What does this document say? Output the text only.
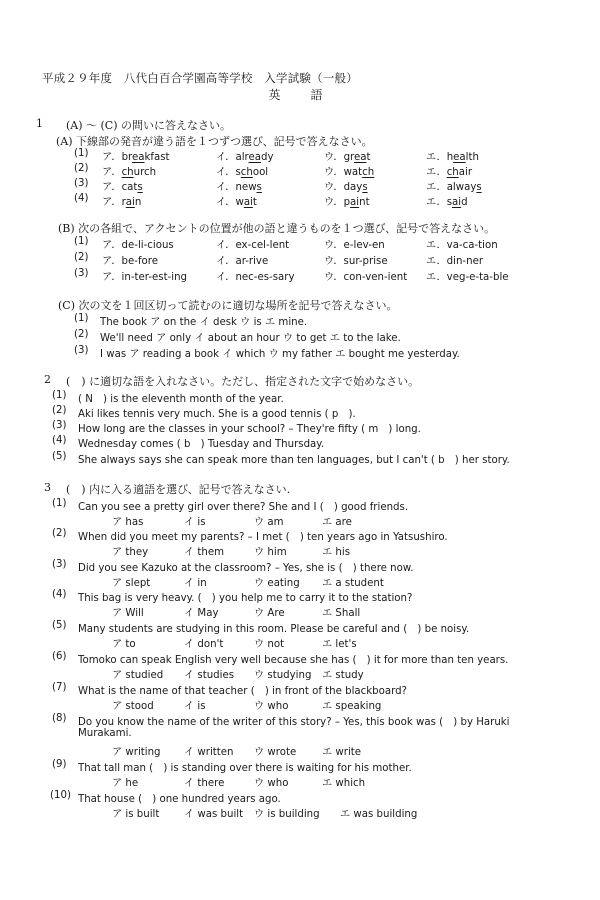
平成２９年度　八代白百合学園高等学校　入学試験（一般）
英　語
1 (A) 〜 (C) の問いに答えなさい。
(A) 下線部の発音が違う語を１つずつ選び、記号で答えなさい。
(1) ア．breakfast	イ．already	ウ．great	エ．health
(2) ア．church	イ．school	ウ．watch	エ．chair
(3) ア．cats	イ．news	ウ．days	エ．always
(4) ア．rain	イ．wait	ウ．paint	エ．said
(B) 次の各組で、アクセントの位置が他の語と違うものを１つ選び、記号で答えなさい。
(1) ア．de-li-cious	イ．ex-cel-lent	ウ．e-lev-en	エ．va-ca-tion
(2) ア．be-fore	イ．ar-rive	ウ．sur-prise	エ．din-ner
(3) ア．in-ter-est-ing	イ．nec-es-sary	ウ．con-ven-ient エ．veg-e-ta-ble
(C) 次の文を１回区切って読むのに適切な場所を記号で答えなさい。
(1) The book ア on the イ desk ウ is エ mine.
(2) We'll need ア only イ about an hour ウ to get エ to the lake.
(3) I was ア reading a book イ which ウ my father エ bought me yesterday.
2 (　) に適切な語を入れなさい。ただし、指定された文字で始めなさい。
(1) ( N　) is the eleventh month of the year.
(2) Aki likes tennis very much. She is a good tennis ( p　).
(3) How long are the classes in your school? – They're fifty ( m　) long.
(4) Wednesday comes ( b　) Tuesday and Thursday.
(5) She always says she can speak more than ten languages, but I can't ( b　) her story.
3 (　) 内に入る適語を選び、記号で答えなさい.
(1) Can you see a pretty girl over there? She and I (　) good friends.
ア has	イ is	ウ am	エ are
(2) When did you meet my parents? – I met (　) ten years ago in Yatsushiro.
ア they	イ them	ウ him	エ his
(3) Did you see Kazuko at the classroom? – Yes, she is (　) there now.
ア slept	イ in	ウ eating エ a student
(4) This bag is very heavy. (　) you help me to carry it to the station?
ア Will	イ May	ウ Are	エ Shall
(5) Many students are studying in this room. Please be careful and (　) be noisy.
ア to	イ don't	ウ not	エ let's
(6) Tomoko can speak English very well because she has (　) it for more than ten years.
ア studied イ studies ウ studying エ study
(7) What is the name of that teacher (　) in front of the blackboard?
ア stood	イ is	ウ who	エ speaking
(8) Do you know the name of the writer of this story? – Yes, this book was (　) by Haruki
Murakami.
ア writing イ written ウ wrote	エ write
(9) That tall man (　) is standing over there is waiting for his mother.
ア he	イ there	ウ who	エ which
(10) That house (　) one hundred years ago.
ア is built イ was built ウ is building エ was building
